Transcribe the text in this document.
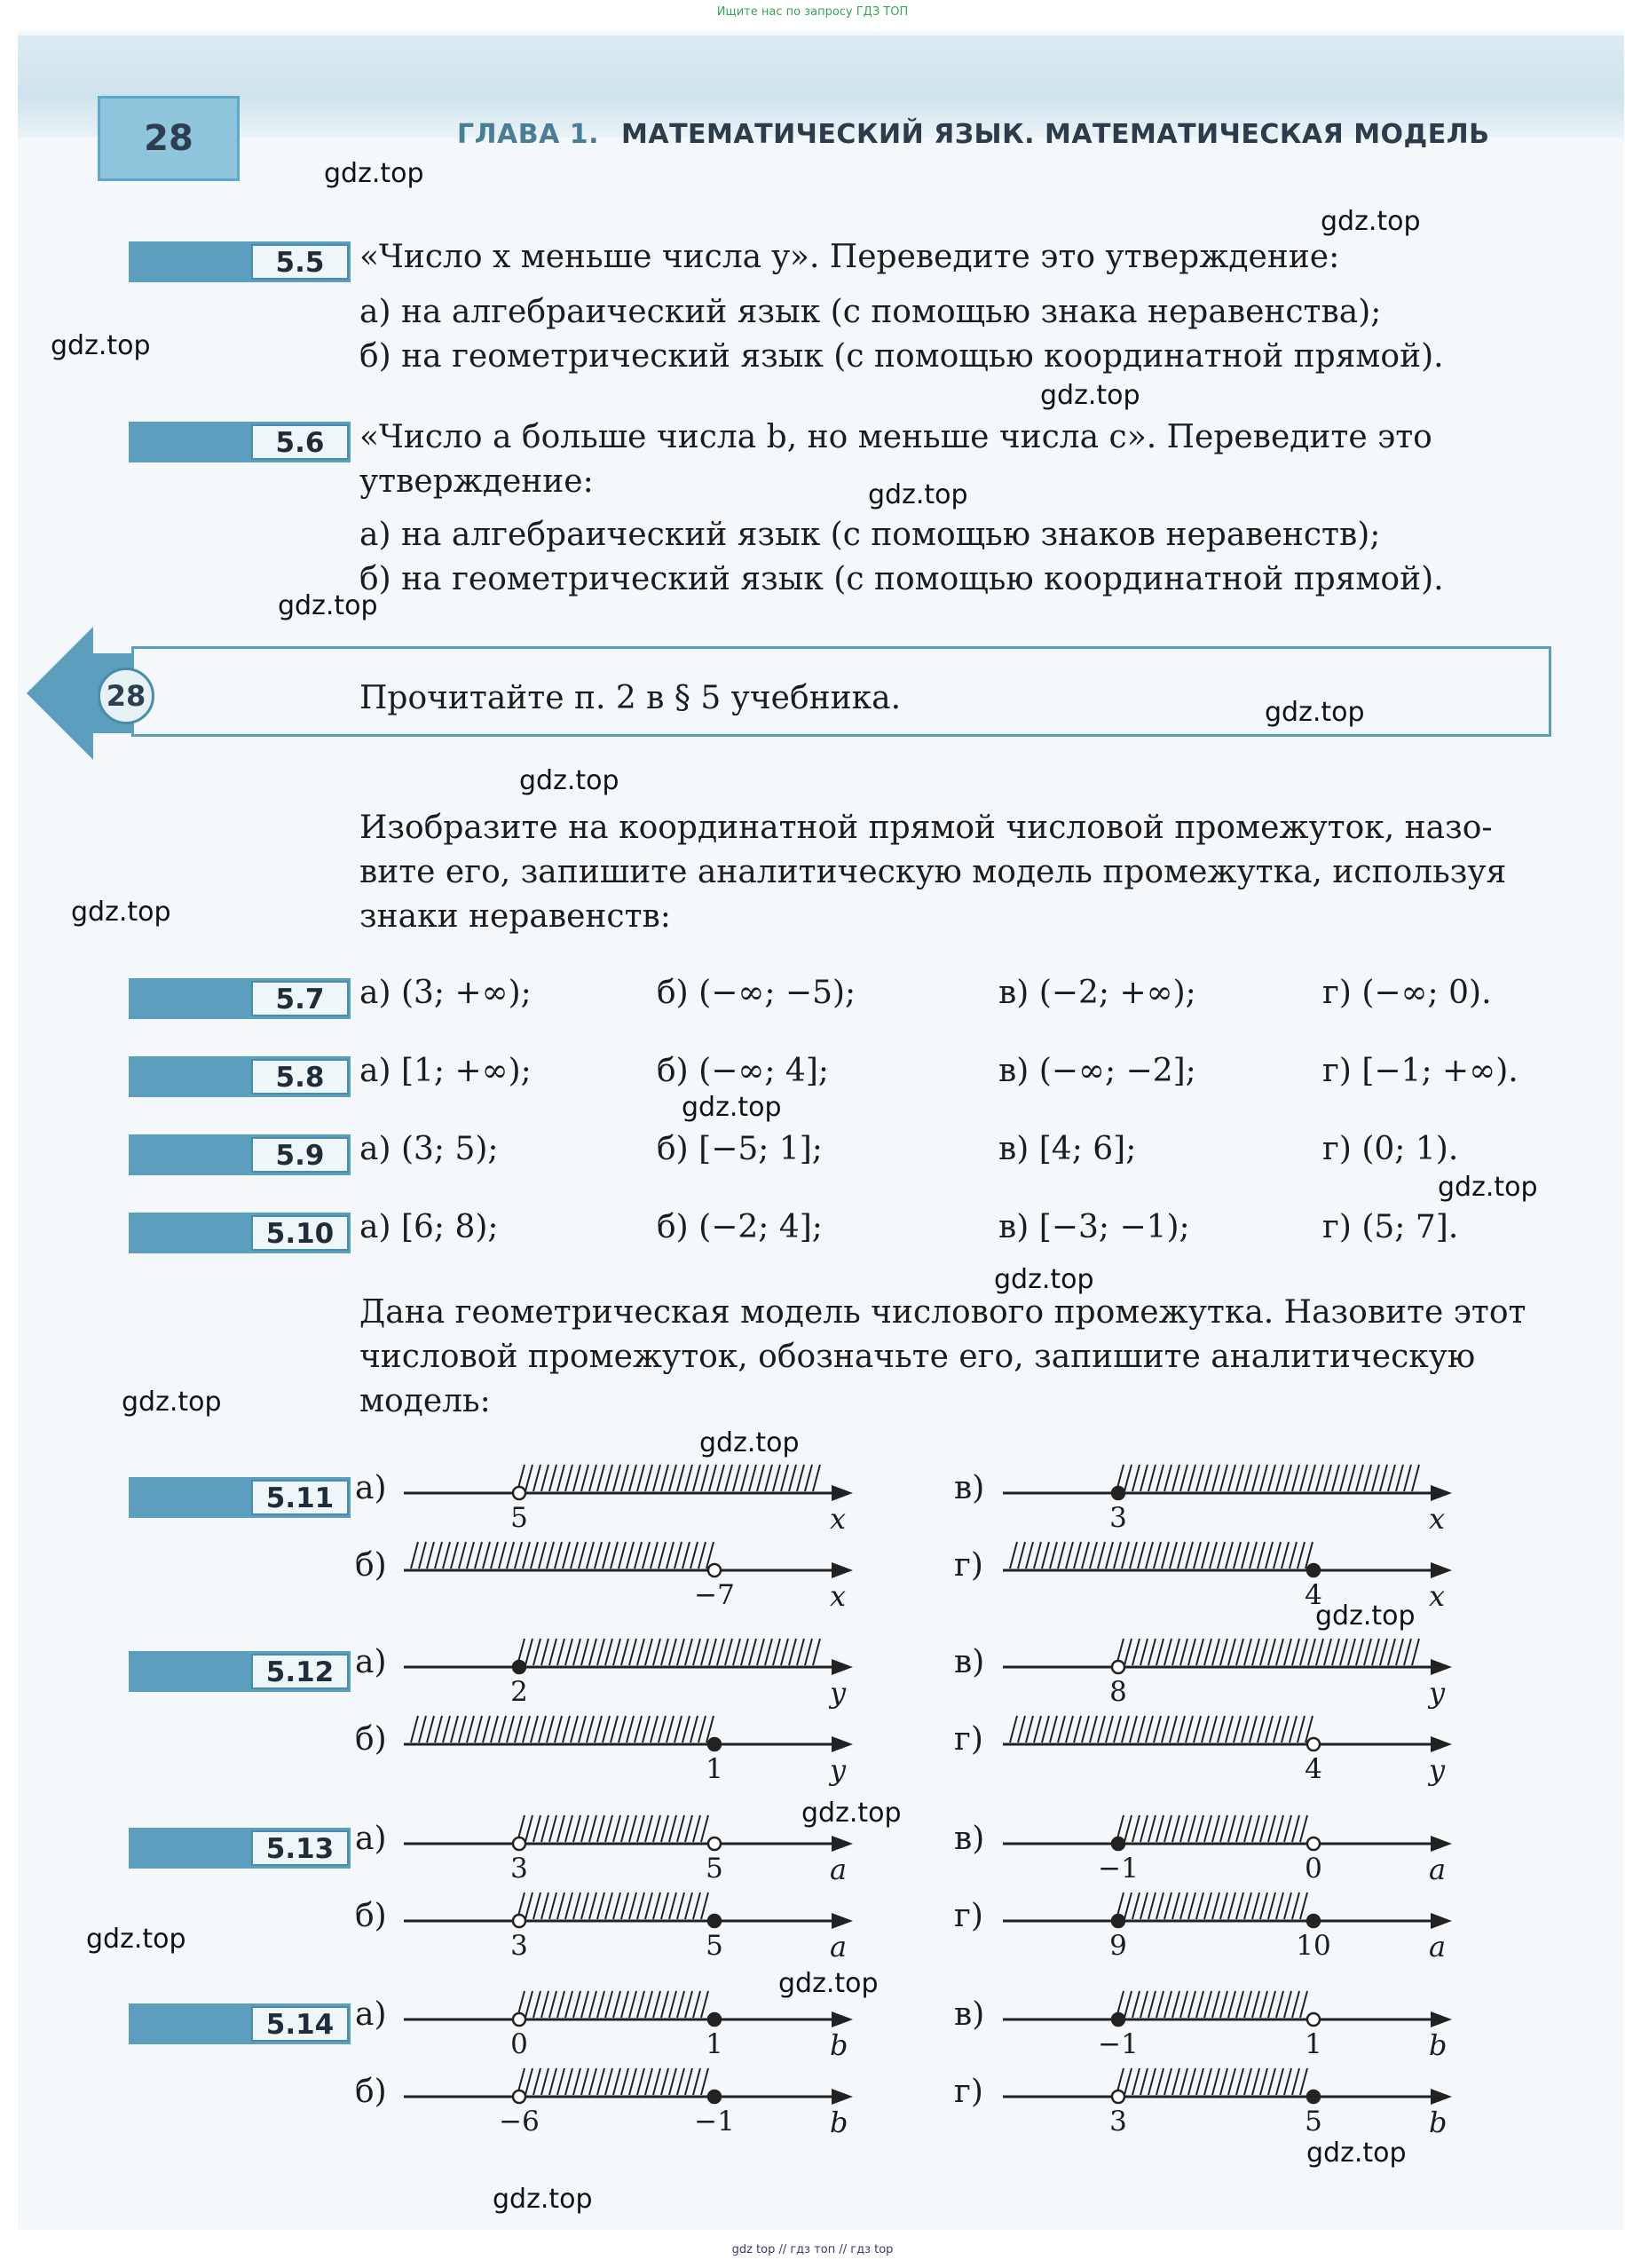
Ищите нас по запросу ГДЗ ТОП
28	ГЛАВА 1. МАТЕМАТИЧЕСКИЙ ЯЗЫК. МАТЕМАТИЧЕСКАЯ МОДЕЛЬ
5.5	«Число x меньше числа y». Переведите это утверждение:
а) на алгебраический язык (с помощью знака неравенства);
б) на геометрический язык (с помощью координатной прямой).
5.6	«Число a больше числа b, но меньше числа c». Переведите это
утверждение:
а) на алгебраический язык (с помощью знаков неравенств);
б) на геометрический язык (с помощью координатной прямой).
28	Прочитайте п. 2 в § 5 учебника.
Изобразите на координатной прямой числовой промежуток, назо-
вите его, запишите аналитическую модель промежутка, используя
знаки неравенств:
5.7	а) (3; +∞);	б) (−∞; −5);	в) (−2; +∞);	г) (−∞; 0).
5.8	а) [1; +∞);	б) (−∞; 4];	в) (−∞; −2];	г) [−1; +∞).
5.9	а) (3; 5);	б) [−5; 1];	в) [4; 6];	г) (0; 1).
5.10 а) [6; 8);	б) (−2; 4];	в) [−3; −1);	г) (5; 7].
Дана геометрическая модель числового промежутка. Назовите этот
числовой промежуток, обозначьте его, запишите аналитическую
модель:
5.11 а)
5	x
б)
−7	x
в)
3	x
г)
4	x
5.12 а)
2	y
б)
1	y
в)
8	y
г)
4	y
5.13 а)
3	5	a
б)
3	5	a
в)
−1	0	a
г)
9	10	a
5.14 а)
0	1	b
б)
−6	−1	b
в)
−1	1	b
г)
3	5	b
gdz.top
gdz.top
gdz.top
gdz.top
gdz.top
gdz.top
gdz.top
gdz.top
gdz.top
gdz.top
gdz.top
gdz.top
gdz.top
gdz.top
gdz.top
gdz.top
gdz.top
gdz.top
gdz.top
gdz.top
gdz top // гдз топ // гдз top
